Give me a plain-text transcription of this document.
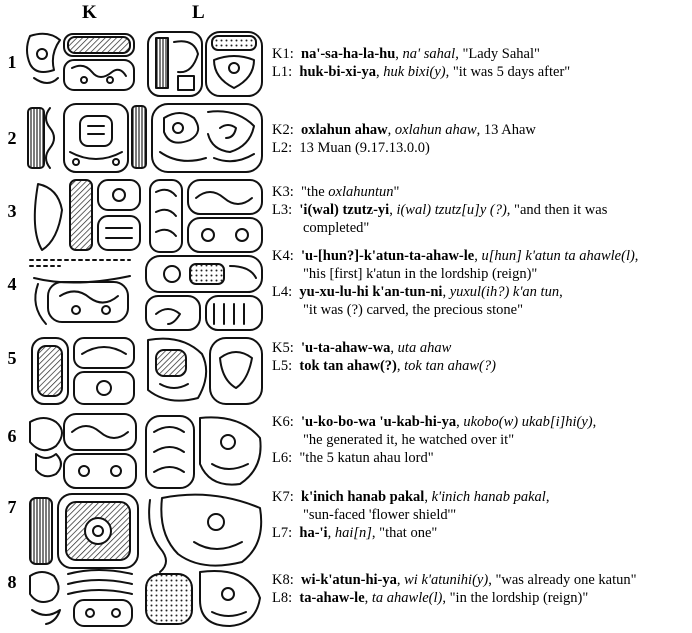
K	L
1
2
3
4
5
6
7
8
K1: na'-sa-ha-la-hu, na' sahal, "Lady Sahal"
L1: huk-bi-xi-ya, huk bixi(y), "it was 5 days after"
K2: oxlahun ahaw, oxlahun ahaw, 13 Ahaw
L2: 13 Muan (9.17.13.0.0)
K3: "the oxlahuntun"
L3: 'i(wal) tzutz-yi, i(wal) tzutz[u]y (?), "and then it was
completed"
K4: 'u-[hun?]-k'atun-ta-ahaw-le, u[hun] k'atun ta ahawle(l),
"his [first] k'atun in the lordship (reign)"
L4: yu-xu-lu-hi k'an-tun-ni, yuxul(ih?) k'an tun,
"it was (?) carved, the precious stone"
K5: 'u-ta-ahaw-wa, uta ahaw
L5: tok tan ahaw(?), tok tan ahaw(?)
K6: 'u-ko-bo-wa 'u-kab-hi-ya, ukobo(w) ukab[i]hi(y),
"he generated it, he watched over it"
L6: "the 5 katun ahau lord"
K7: k'inich hanab pakal, k'inich hanab pakal,
"sun-faced 'flower shield'"
L7: ha-'i, hai[n], "that one"
K8: wi-k'atun-hi-ya, wi k'atunihi(y), "was already one katun"
L8: ta-ahaw-le, ta ahawle(l), "in the lordship (reign)"
